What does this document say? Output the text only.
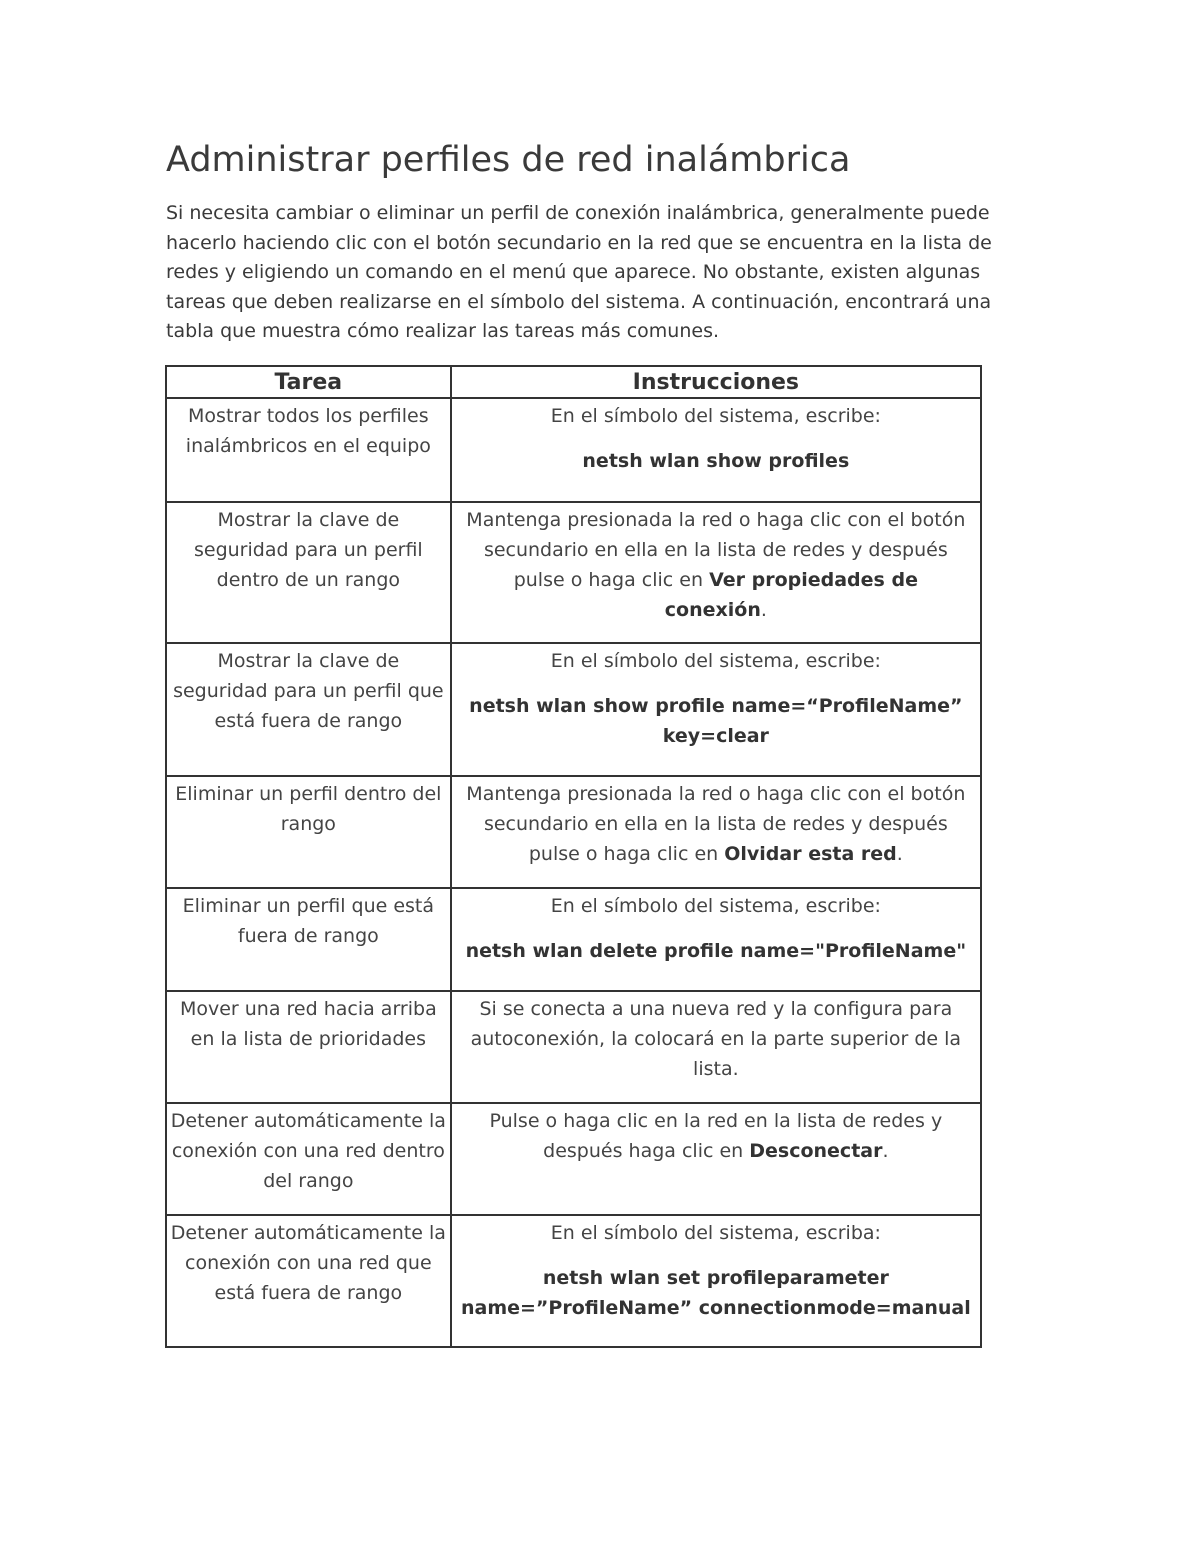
Administrar perfiles de red inalámbrica

Si necesita cambiar o eliminar un perfil de conexión inalámbrica, generalmente puede
hacerlo haciendo clic con el botón secundario en la red que se encuentra en la lista de
redes y eligiendo un comando en el menú que aparece. No obstante, existen algunas
tareas que deben realizarse en el símbolo del sistema. A continuación, encontrará una
tabla que muestra cómo realizar las tareas más comunes.

Tarea	Instrucciones

Mostrar todos los perfiles
inalámbricos en el equipo	En el símbolo del sistema, escribe:
netsh wlan show profiles

Mostrar la clave de
seguridad para un perfil
dentro de un rango	Mantenga presionada la red o haga clic con el botón
secundario en ella en la lista de redes y después
pulse o haga clic en Ver propiedades de
conexión.

Mostrar la clave de
seguridad para un perfil que
está fuera de rango	En el símbolo del sistema, escribe:
netsh wlan show profile name=“ProfileName”
key=clear

Eliminar un perfil dentro del
rango	Mantenga presionada la red o haga clic con el botón
secundario en ella en la lista de redes y después
pulse o haga clic en Olvidar esta red.

Eliminar un perfil que está
fuera de rango	En el símbolo del sistema, escribe:
netsh wlan delete profile name="ProfileName"

Mover una red hacia arriba
en la lista de prioridades	Si se conecta a una nueva red y la configura para
autoconexión, la colocará en la parte superior de la
lista.

Detener automáticamente la
conexión con una red dentro
del rango	Pulse o haga clic en la red en la lista de redes y
después haga clic en Desconectar.

Detener automáticamente la
conexión con una red que
está fuera de rango	En el símbolo del sistema, escriba:
netsh wlan set profileparameter
name=”ProfileName” connectionmode=manual
